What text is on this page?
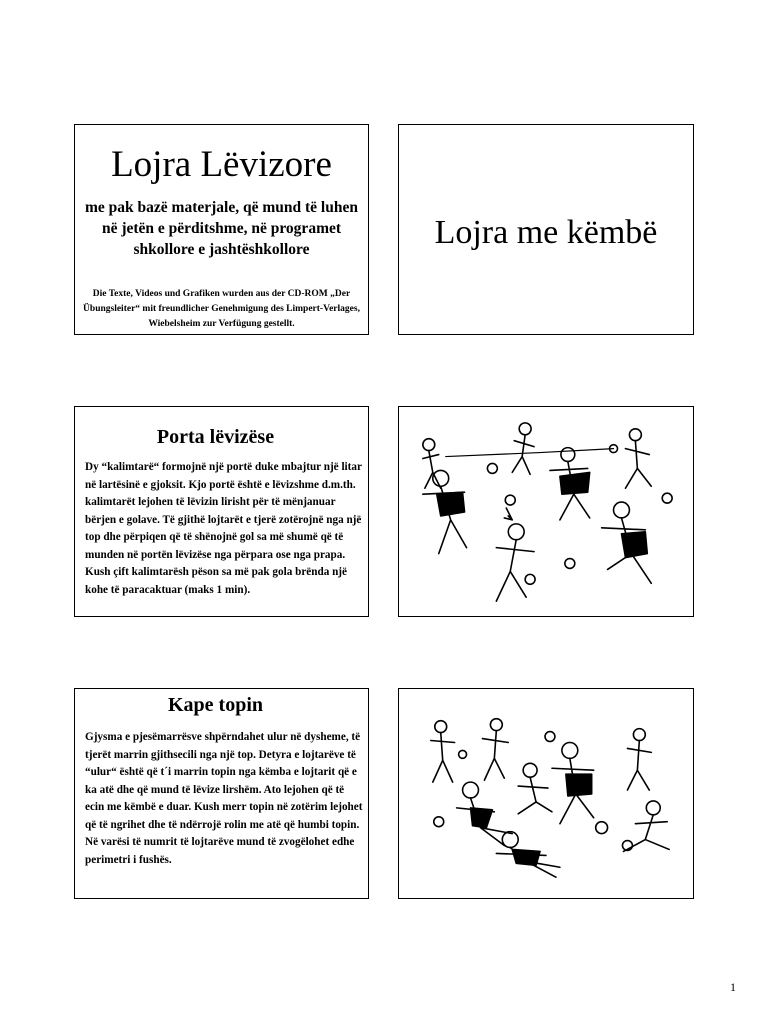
Lojra Lëvizore
me pak bazë materjale, që mund të luhen në jetën e përditshme, në programet shkollore e jashtëshkollore
Die Texte, Videos und Grafiken wurden aus der CD-ROM „Der Übungsleiter“ mit freundlicher Genehmigung des Limpert-Verlages, Wiebelsheim zur Verfügung gestellt.
Lojra me këmbë
Porta lëvizëse
Dy “kalimtarë“ formojnë një portë duke mbajtur një litar në lartësinë e gjoksit. Kjo portë është e lëvizshme d.m.th. kalimtarët lejohen të lëvizin lirisht për të mënjanuar bërjen e golave. Të gjithë lojtarët e tjerë zotërojnë nga një top dhe përpiqen që të shënojnë gol sa më shumë që të munden në portën lëvizëse nga përpara ose nga prapa. Kush çift kalimtarësh pëson sa më pak gola brënda një kohe të paracaktuar (maks 1 min).
Kape topin
Gjysma e pjesëmarrësve shpërndahet ulur në dysheme, të tjerët marrin gjithsecili nga një top. Detyra e lojtarëve të “ulur“ është që t´i marrin topin nga këmba e lojtarit që e ka atë dhe që mund të lëvize lirshëm. Ato lejohen që të ecin me këmbë e duar. Kush merr topin në zotërim lejohet që të ngrihet dhe të ndërrojë rolin me atë që humbi topin. Në varësi të numrit të lojtarëve mund të zvogëlohet edhe perimetri i fushës.
1
